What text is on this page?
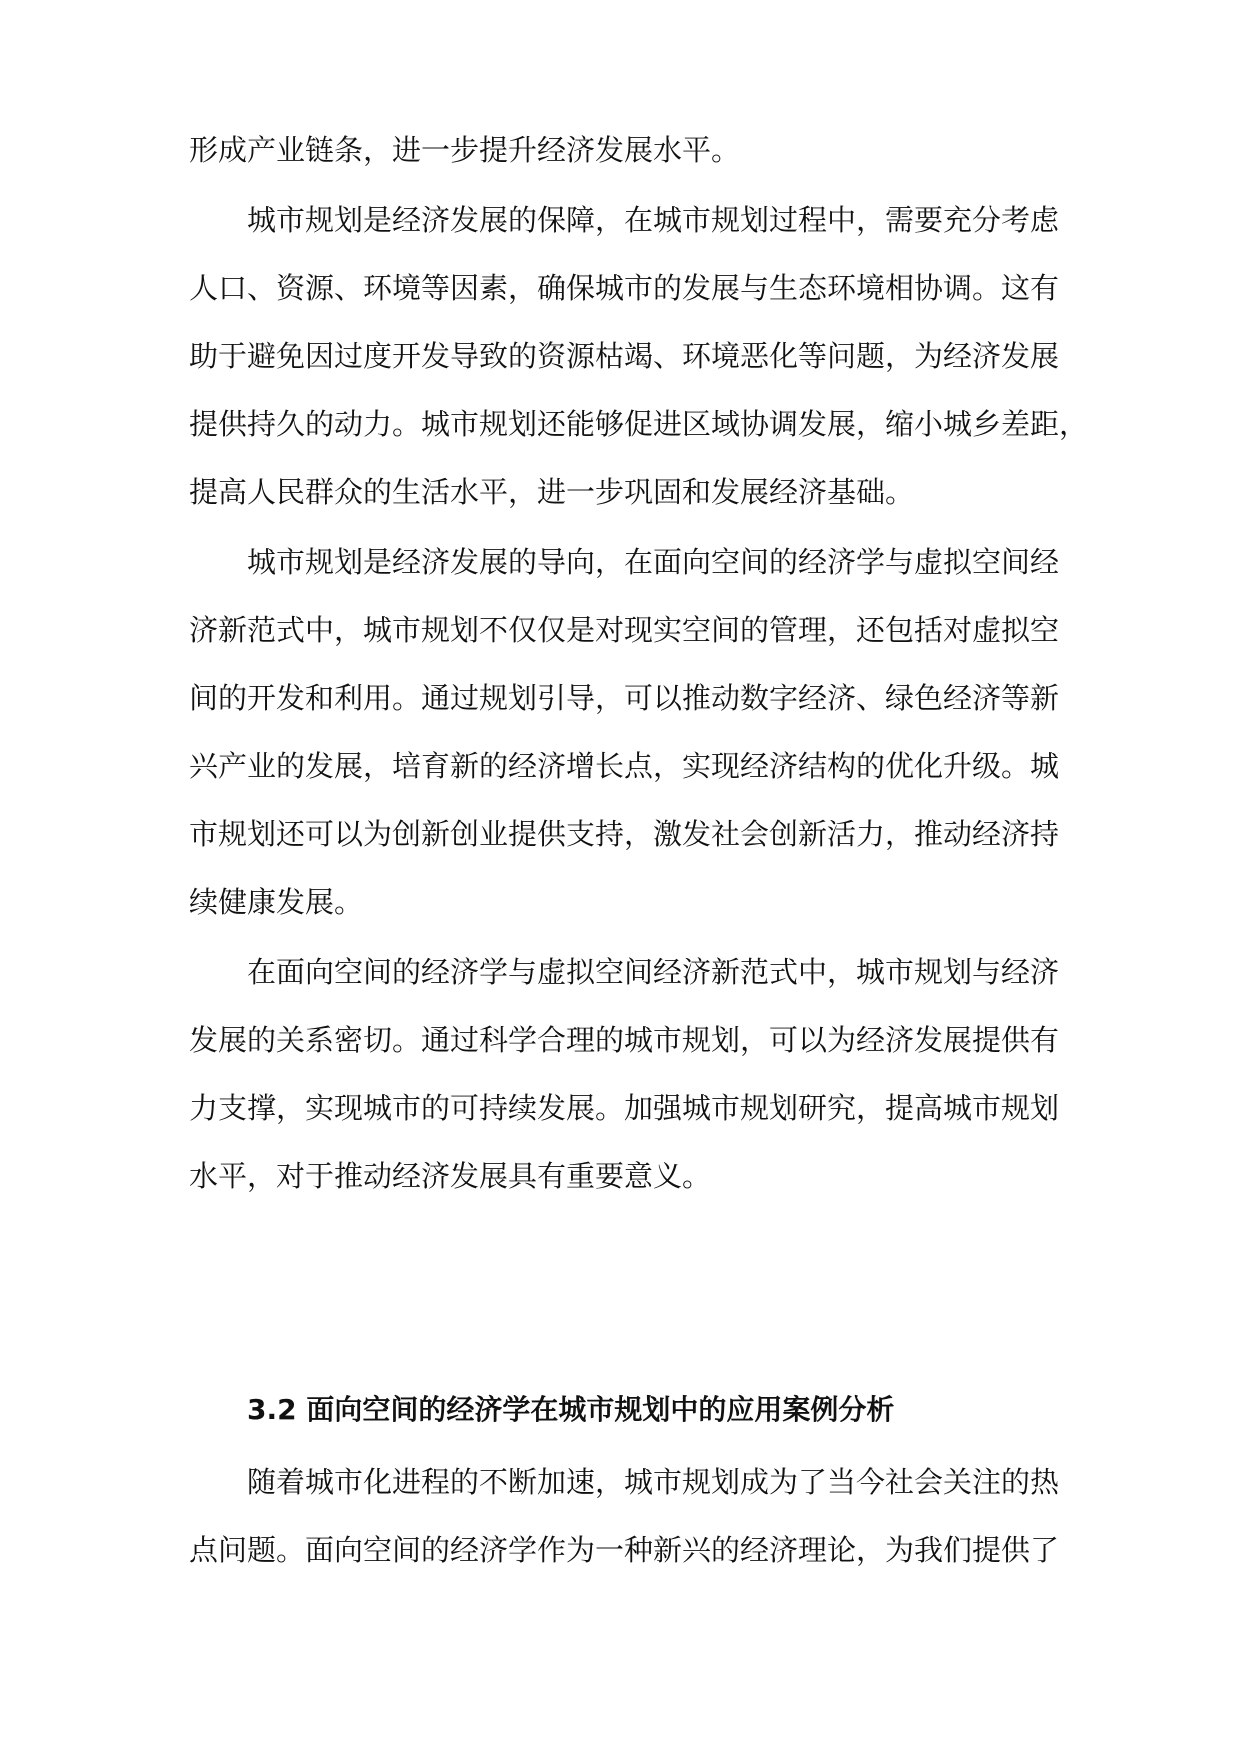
形成产业链条，进一步提升经济发展水平。

城市规划是经济发展的保障，在城市规划过程中，需要充分考虑

人口、资源、环境等因素，确保城市的发展与生态环境相协调。这有

助于避免因过度开发导致的资源枯竭、环境恶化等问题，为经济发展

提供持久的动力。城市规划还能够促进区域协调发展，缩小城乡差距，

提高人民群众的生活水平，进一步巩固和发展经济基础。

城市规划是经济发展的导向，在面向空间的经济学与虚拟空间经

济新范式中，城市规划不仅仅是对现实空间的管理，还包括对虚拟空

间的开发和利用。通过规划引导，可以推动数字经济、绿色经济等新

兴产业的发展，培育新的经济增长点，实现经济结构的优化升级。城

市规划还可以为创新创业提供支持，激发社会创新活力，推动经济持

续健康发展。

在面向空间的经济学与虚拟空间经济新范式中，城市规划与经济

发展的关系密切。通过科学合理的城市规划，可以为经济发展提供有

力支撑，实现城市的可持续发展。加强城市规划研究，提高城市规划

水平，对于推动经济发展具有重要意义。

3.2 面向空间的经济学在城市规划中的应用案例分析

随着城市化进程的不断加速，城市规划成为了当今社会关注的热

点问题。面向空间的经济学作为一种新兴的经济理论，为我们提供了
